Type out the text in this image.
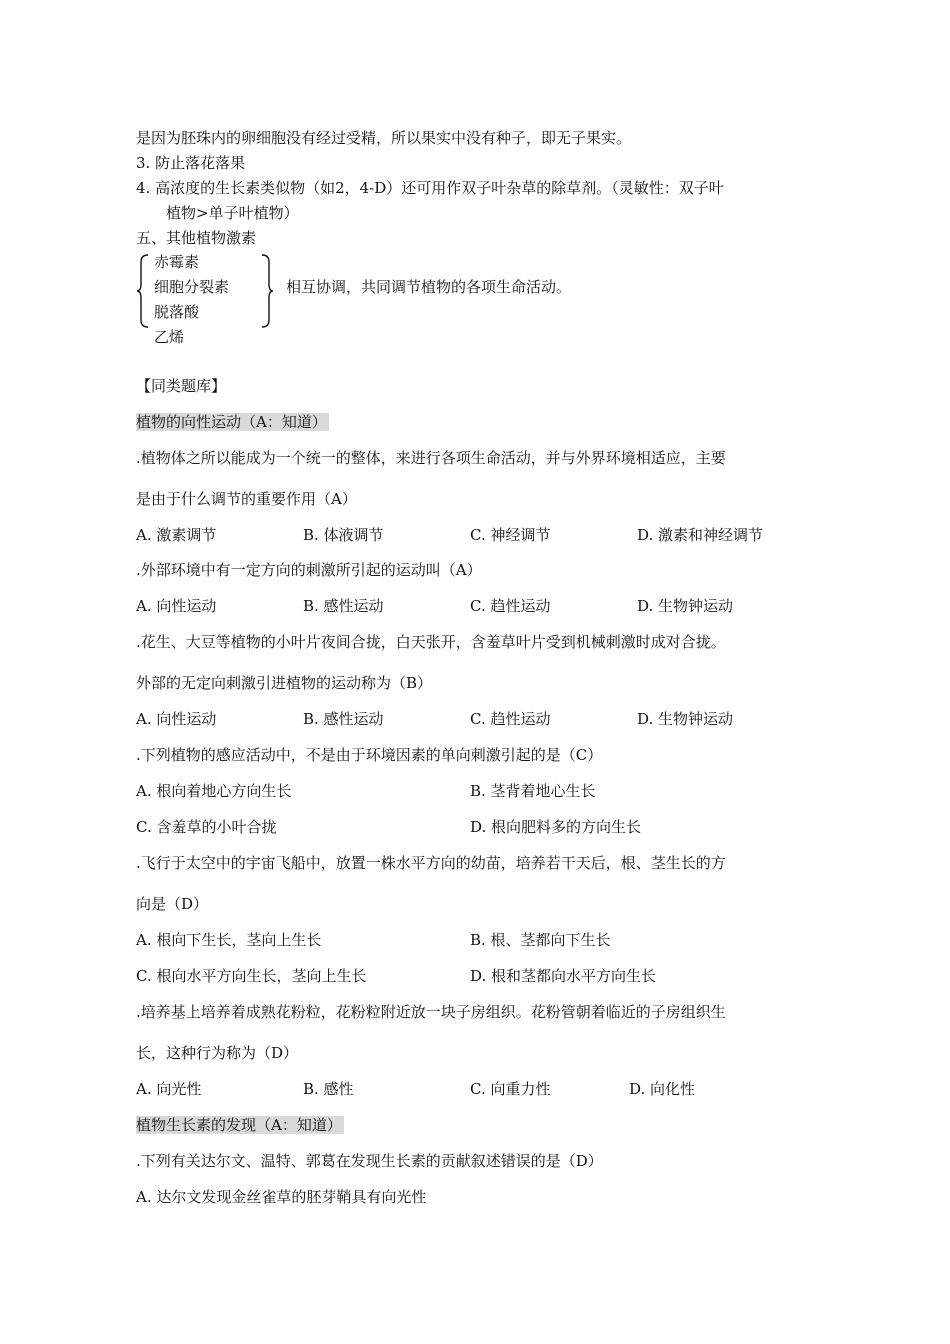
是因为胚珠内的卵细胞没有经过受精，所以果实中没有种子，即无子果实。
3. 防止落花落果
4. 高浓度的生长素类似物（如2，4-D）还可用作双子叶杂草的除草剂。（灵敏性：双子叶
植物>单子叶植物）
五、其他植物激素
赤霉素
细胞分裂素
脱落酸
乙烯
相互协调，共同调节植物的各项生命活动。
【同类题库】
植物的向性运动（A：知道）
.植物体之所以能成为一个统一的整体，来进行各项生命活动，并与外界环境相适应，主要
是由于什么调节的重要作用（A）
A. 激素调节	B. 体液调节	C. 神经调节	D. 激素和神经调节
.外部环境中有一定方向的刺激所引起的运动叫（A）
A. 向性运动	B. 感性运动	C. 趋性运动	D. 生物钟运动
.花生、大豆等植物的小叶片夜间合拢，白天张开，含羞草叶片受到机械刺激时成对合拢。
外部的无定向刺激引进植物的运动称为（B）
A. 向性运动	B. 感性运动	C. 趋性运动	D. 生物钟运动
.下列植物的感应活动中，不是由于环境因素的单向刺激引起的是（C）
A. 根向着地心方向生长	B. 茎背着地心生长
C. 含羞草的小叶合拢	D. 根向肥料多的方向生长
.飞行于太空中的宇宙飞船中，放置一株水平方向的幼苗，培养若干天后，根、茎生长的方
向是（D）
A. 根向下生长，茎向上生长	B. 根、茎都向下生长
C. 根向水平方向生长，茎向上生长	D. 根和茎都向水平方向生长
.培养基上培养着成熟花粉粒，花粉粒附近放一块子房组织。花粉管朝着临近的子房组织生
长，这种行为称为（D）
A. 向光性	B. 感性	C. 向重力性	D. 向化性
植物生长素的发现（A：知道）
.下列有关达尔文、温特、郭葛在发现生长素的贡献叙述错误的是（D）
A. 达尔文发现金丝雀草的胚芽鞘具有向光性
